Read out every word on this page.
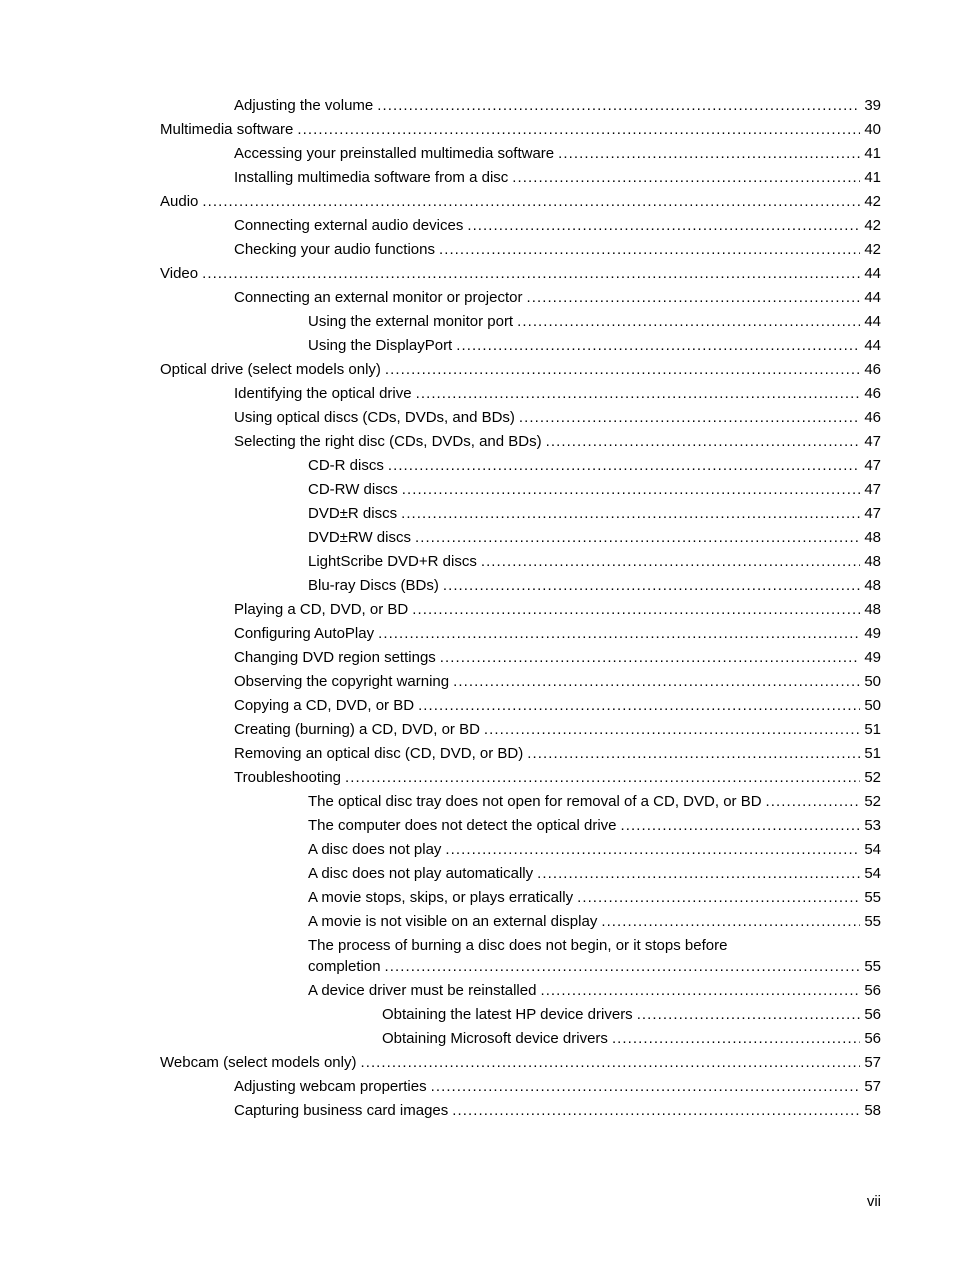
Adjusting the volume . . .	39
Multimedia software . . .	40
Accessing your preinstalled multimedia software . . .	41
Installing multimedia software from a disc . . .	41
Audio . . .	42
Connecting external audio devices . . .	42
Checking your audio functions . . .	42
Video . . .	44
Connecting an external monitor or projector . . .	44
Using the external monitor port . . .	44
Using the DisplayPort . . .	44
Optical drive (select models only) . . .	46
Identifying the optical drive . . .	46
Using optical discs (CDs, DVDs, and BDs) . . .	46
Selecting the right disc (CDs, DVDs, and BDs) . . .	47
CD-R discs . . .	47
CD-RW discs . . .	47
DVD±R discs . . .	47
DVD±RW discs . . .	48
LightScribe DVD+R discs . . .	48
Blu-ray Discs (BDs) . . .	48
Playing a CD, DVD, or BD . . .	48
Configuring AutoPlay . . .	49
Changing DVD region settings . . .	49
Observing the copyright warning . . .	50
Copying a CD, DVD, or BD . . .	50
Creating (burning) a CD, DVD, or BD . . .	51
Removing an optical disc (CD, DVD, or BD) . . .	51
Troubleshooting . . .	52
The optical disc tray does not open for removal of a CD, DVD, or BD . . .	52
The computer does not detect the optical drive . . .	53
A disc does not play . . .	54
A disc does not play automatically . . .	54
A movie stops, skips, or plays erratically . . .	55
A movie is not visible on an external display . . .	55
The process of burning a disc does not begin, or it stops before
completion . . .	55
A device driver must be reinstalled . . .	56
Obtaining the latest HP device drivers . . .	56
Obtaining Microsoft device drivers . . .	56
Webcam (select models only) . . .	57
Adjusting webcam properties . . .	57
Capturing business card images . . .	58
vii
